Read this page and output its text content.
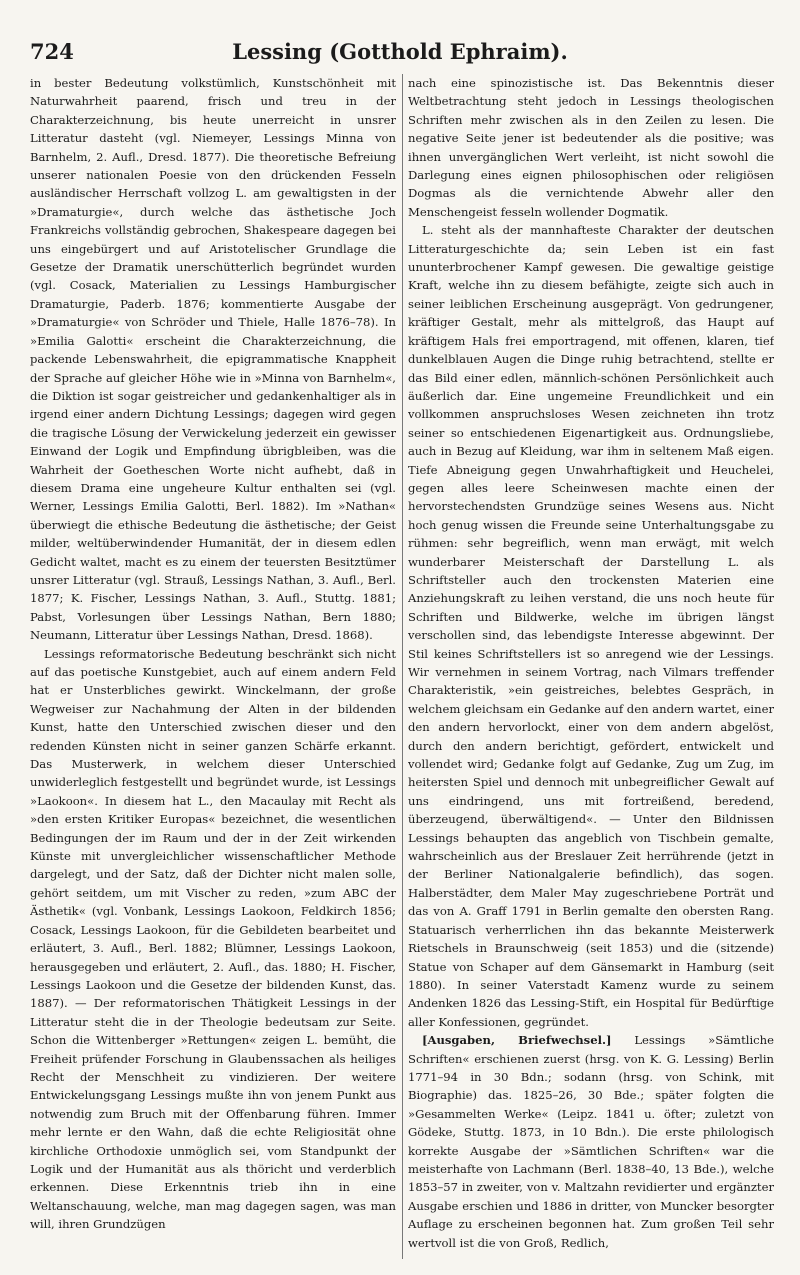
724	Lessing (Gotthold Ephraim).

in bester Bedeutung volkstümlich, Kunstschönheit mit Naturwahrheit paarend, frisch und treu in der Charakterzeichnung, bis heute unerreicht in unsrer Litteratur dasteht (vgl. Niemeyer, Lessings Minna von Barnhelm, 2. Aufl., Dresd. 1877). Die theoretische Befreiung unserer nationalen Poesie von den drückenden Fesseln ausländischer Herrschaft vollzog L. am gewaltigsten in der »Dramaturgie«, durch welche das ästhetische Joch Frankreichs vollständig gebrochen, Shakespeare dagegen bei uns eingebürgert und auf Aristotelischer Grundlage die Gesetze der Dramatik unerschütterlich begründet wurden (vgl. Cosack, Materialien zu Lessings Hamburgischer Dramaturgie, Paderb. 1876; kommentierte Ausgabe der »Dramaturgie« von Schröder und Thiele, Halle 1876–78). In »Emilia Galotti« erscheint die Charakterzeichnung, die packende Lebenswahrheit, die epigrammatische Knappheit der Sprache auf gleicher Höhe wie in »Minna von Barnhelm«, die Diktion ist sogar geistreicher und gedankenhaltiger als in irgend einer andern Dichtung Lessings; dagegen wird gegen die tragische Lösung der Verwickelung jederzeit ein gewisser Einwand der Logik und Empfindung übrigbleiben, was die Wahrheit der Goetheschen Worte nicht aufhebt, daß in diesem Drama eine ungeheure Kultur enthalten sei (vgl. Werner, Lessings Emilia Galotti, Berl. 1882). Im »Nathan« überwiegt die ethische Bedeutung die ästhetische; der Geist milder, weltüberwindender Humanität, der in diesem edlen Gedicht waltet, macht es zu einem der teuersten Besitztümer unsrer Litteratur (vgl. Strauß, Lessings Nathan, 3. Aufl., Berl. 1877; K. Fischer, Lessings Nathan, 3. Aufl., Stuttg. 1881; Pabst, Vorlesungen über Lessings Nathan, Bern 1880; Neumann, Litteratur über Lessings Nathan, Dresd. 1868).

Lessings reformatorische Bedeutung beschränkt sich nicht auf das poetische Kunstgebiet, auch auf einem andern Feld hat er Unsterbliches gewirkt. Winckelmann, der große Wegweiser zur Nachahmung der Alten in der bildenden Kunst, hatte den Unterschied zwischen dieser und den redenden Künsten nicht in seiner ganzen Schärfe erkannt. Das Musterwerk, in welchem dieser Unterschied unwiderleglich festgestellt und begründet wurde, ist Lessings »Laokoon«. In diesem hat L., den Macaulay mit Recht als »den ersten Kritiker Europas« bezeichnet, die wesentlichen Bedingungen der im Raum und der in der Zeit wirkenden Künste mit unvergleichlicher wissenschaftlicher Methode dargelegt, und der Satz, daß der Dichter nicht malen solle, gehört seitdem, um mit Vischer zu reden, »zum ABC der Ästhetik« (vgl. Vonbank, Lessings Laokoon, Feldkirch 1856; Cosack, Lessings Laokoon, für die Gebildeten bearbeitet und erläutert, 3. Aufl., Berl. 1882; Blümner, Lessings Laokoon, herausgegeben und erläutert, 2. Aufl., das. 1880; H. Fischer, Lessings Laokoon und die Gesetze der bildenden Kunst, das. 1887). — Der reformatorischen Thätigkeit Lessings in der Litteratur steht die in der Theologie bedeutsam zur Seite. Schon die Wittenberger »Rettungen« zeigen L. bemüht, die Freiheit prüfender Forschung in Glaubenssachen als heiliges Recht der Menschheit zu vindizieren. Der weitere Entwickelungsgang Lessings mußte ihn von jenem Punkt aus notwendig zum Bruch mit der Offenbarung führen. Immer mehr lernte er den Wahn, daß die echte Religiosität ohne kirchliche Orthodoxie unmöglich sei, vom Standpunkt der Logik und der Humanität aus als thöricht und verderblich erkennen. Diese Erkenntnis trieb ihn in eine Weltanschauung, welche, man mag dagegen sagen, was man will, ihren Grundzügen

nach eine spinozistische ist. Das Bekenntnis dieser Weltbetrachtung steht jedoch in Lessings theologischen Schriften mehr zwischen als in den Zeilen zu lesen. Die negative Seite jener ist bedeutender als die positive; was ihnen unvergänglichen Wert verleiht, ist nicht sowohl die Darlegung eines eignen philosophischen oder religiösen Dogmas als die vernichtende Abwehr aller den Menschengeist fesseln wollender Dogmatik.

L. steht als der mannhafteste Charakter der deutschen Litteraturgeschichte da; sein Leben ist ein fast ununterbrochener Kampf gewesen. Die gewaltige geistige Kraft, welche ihn zu diesem befähigte, zeigte sich auch in seiner leiblichen Erscheinung ausgeprägt. Von gedrungener, kräftiger Gestalt, mehr als mittelgroß, das Haupt auf kräftigem Hals frei emportragend, mit offenen, klaren, tief dunkelblauen Augen die Dinge ruhig betrachtend, stellte er das Bild einer edlen, männlich-schönen Persönlichkeit auch äußerlich dar. Eine ungemeine Freundlichkeit und ein vollkommen anspruchsloses Wesen zeichneten ihn trotz seiner so entschiedenen Eigenartigkeit aus. Ordnungsliebe, auch in Bezug auf Kleidung, war ihm in seltenem Maß eigen. Tiefe Abneigung gegen Unwahrhaftigkeit und Heuchelei, gegen alles leere Scheinwesen machte einen der hervorstechendsten Grundzüge seines Wesens aus. Nicht hoch genug wissen die Freunde seine Unterhaltungsgabe zu rühmen: sehr begreiflich, wenn man erwägt, mit welch wunderbarer Meisterschaft der Darstellung L. als Schriftsteller auch den trockensten Materien eine Anziehungskraft zu leihen verstand, die uns noch heute für Schriften und Bildwerke, welche im übrigen längst verschollen sind, das lebendigste Interesse abgewinnt. Der Stil keines Schriftstellers ist so anregend wie der Lessings. Wir vernehmen in seinem Vortrag, nach Vilmars treffender Charakteristik, »ein geistreiches, belebtes Gespräch, in welchem gleichsam ein Gedanke auf den andern wartet, einer den andern hervorlockt, einer von dem andern abgelöst, durch den andern berichtigt, gefördert, entwickelt und vollendet wird; Gedanke folgt auf Gedanke, Zug um Zug, im heitersten Spiel und dennoch mit unbegreiflicher Gewalt auf uns eindringend, uns mit fortreißend, beredend, überzeugend, überwältigend«. — Unter den Bildnissen Lessings behaupten das angeblich von Tischbein gemalte, wahrscheinlich aus der Breslauer Zeit herrührende (jetzt in der Berliner Nationalgalerie befindlich), das sogen. Halberstädter, dem Maler May zugeschriebene Porträt und das von A. Graff 1791 in Berlin gemalte den obersten Rang. Statuarisch verherrlichen ihn das bekannte Meisterwerk Rietschels in Braunschweig (seit 1853) und die (sitzende) Statue von Schaper auf dem Gänsemarkt in Hamburg (seit 1880). In seiner Vaterstadt Kamenz wurde zu seinem Andenken 1826 das Lessing-Stift, ein Hospital für Bedürftige aller Konfessionen, gegründet.

[Ausgaben, Briefwechsel.] Lessings »Sämtliche Schriften« erschienen zuerst (hrsg. von K. G. Lessing) Berlin 1771–94 in 30 Bdn.; sodann (hrsg. von Schink, mit Biographie) das. 1825–26, 30 Bde.; später folgten die »Gesammelten Werke« (Leipz. 1841 u. öfter; zuletzt von Gödeke, Stuttg. 1873, in 10 Bdn.). Die erste philologisch korrekte Ausgabe der »Sämtlichen Schriften« war die meisterhafte von Lachmann (Berl. 1838–40, 13 Bde.), welche 1853–57 in zweiter, von v. Maltzahn revidierter und ergänzter Ausgabe erschien und 1886 in dritter, von Muncker besorgter Auflage zu erscheinen begonnen hat. Zum großen Teil sehr wertvoll ist die von Groß, Redlich,
